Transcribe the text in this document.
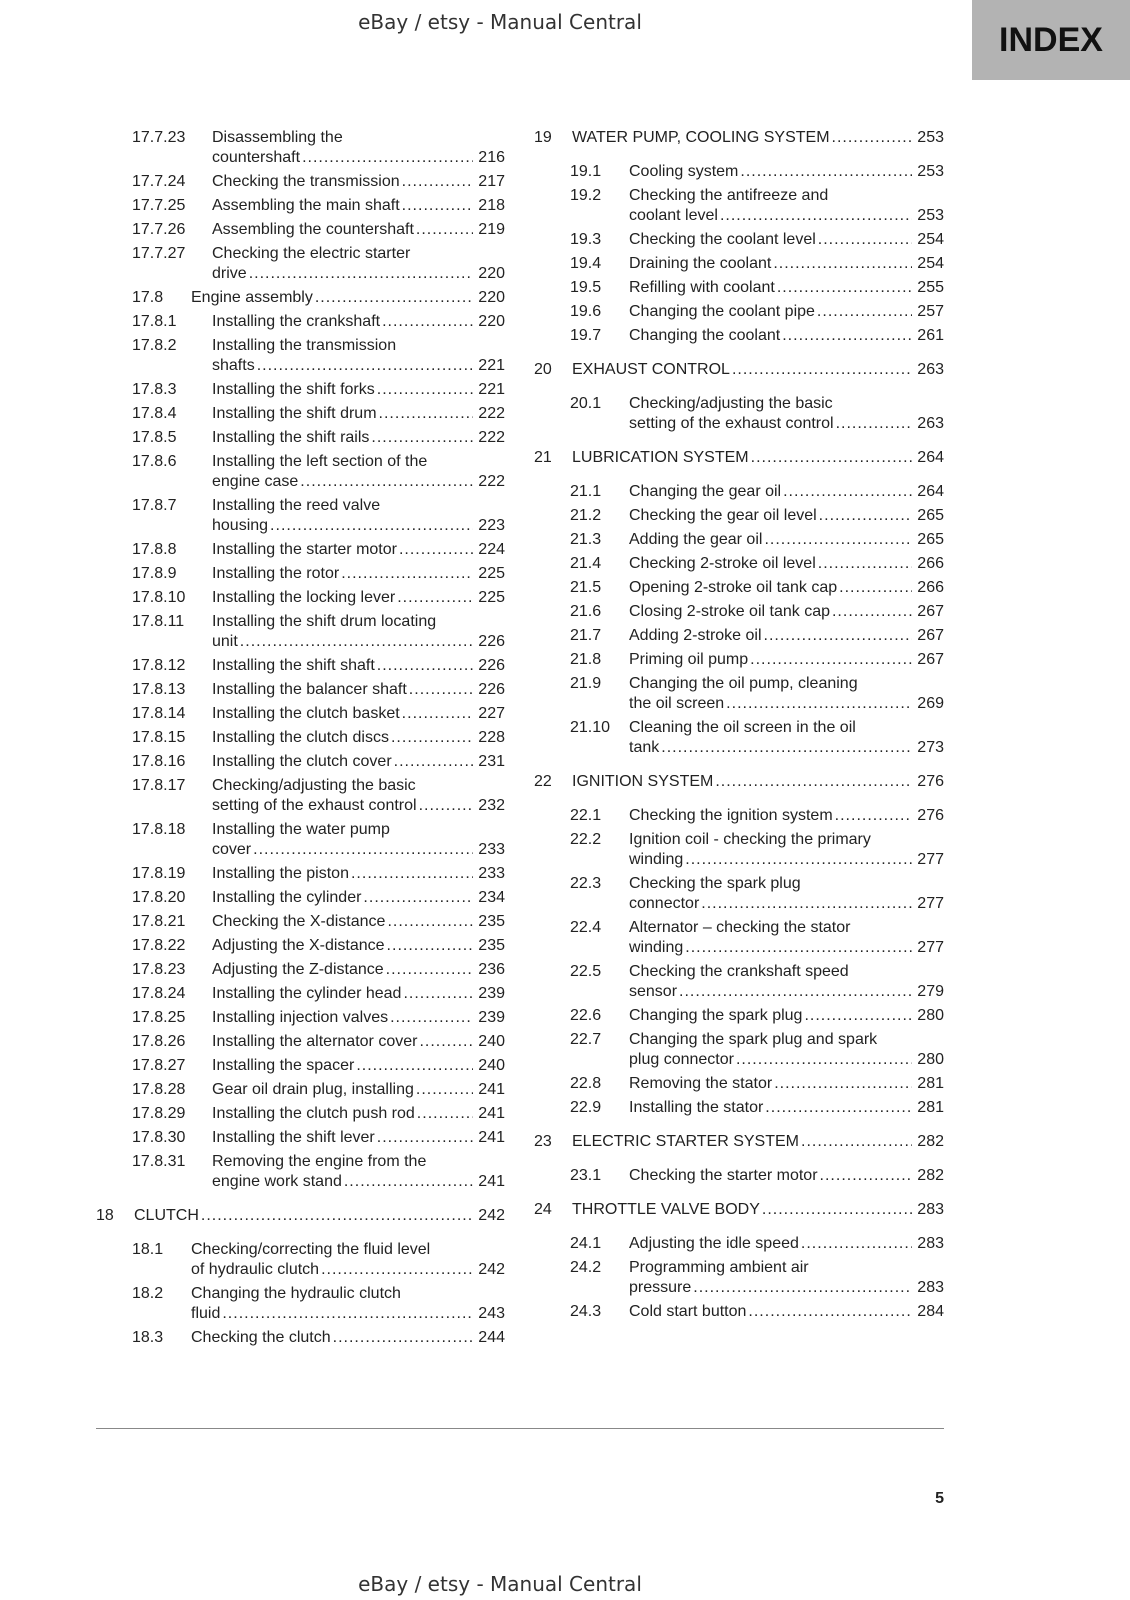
eBay / etsy - Manual Central	INDEX
17.7.23 Disassembling the
countershaft .....	216
17.7.24 Checking the transmission .....	217
17.7.25 Assembling the main shaft .....	218
17.7.26 Assembling the countershaft .....	219
17.7.27 Checking the electric starter
drive .....	220
17.8 Engine assembly .....	220
17.8.1 Installing the crankshaft .....	220
17.8.2 Installing the transmission
shafts .....	221
17.8.3 Installing the shift forks .....	221
17.8.4 Installing the shift drum .....	222
17.8.5 Installing the shift rails .....	222
17.8.6 Installing the left section of the
engine case .....	222
17.8.7 Installing the reed valve
housing .....	223
17.8.8 Installing the starter motor .....	224
17.8.9 Installing the rotor .....	225
17.8.10 Installing the locking lever .....	225
17.8.11 Installing the shift drum locating
unit .....	226
17.8.12 Installing the shift shaft .....	226
17.8.13 Installing the balancer shaft .....	226
17.8.14 Installing the clutch basket .....	227
17.8.15 Installing the clutch discs .....	228
17.8.16 Installing the clutch cover .....	231
17.8.17 Checking/adjusting the basic
setting of the exhaust control .....	232
17.8.18 Installing the water pump
cover .....	233
17.8.19 Installing the piston .....	233
17.8.20 Installing the cylinder .....	234
17.8.21 Checking the X-distance .....	235
17.8.22 Adjusting the X-distance .....	235
17.8.23 Adjusting the Z-distance .....	236
17.8.24 Installing the cylinder head .....	239
17.8.25 Installing injection valves .....	239
17.8.26 Installing the alternator cover .....	240
17.8.27 Installing the spacer .....	240
17.8.28 Gear oil drain plug, installing .....	241
17.8.29 Installing the clutch push rod .....	241
17.8.30 Installing the shift lever .....	241
17.8.31 Removing the engine from the
engine work stand .....	241
18 CLUTCH .....	242
18.1 Checking/correcting the fluid level
of hydraulic clutch .....	242
18.2 Changing the hydraulic clutch
fluid .....	243
18.3 Checking the clutch .....	244
19 WATER PUMP, COOLING SYSTEM .....	253
19.1 Cooling system .....	253
19.2 Checking the antifreeze and
coolant level .....	253
19.3 Checking the coolant level .....	254
19.4 Draining the coolant .....	254
19.5 Refilling with coolant .....	255
19.6 Changing the coolant pipe .....	257
19.7 Changing the coolant .....	261
20 EXHAUST CONTROL .....	263
20.1 Checking/adjusting the basic
setting of the exhaust control .....	263
21 LUBRICATION SYSTEM .....	264
21.1 Changing the gear oil .....	264
21.2 Checking the gear oil level .....	265
21.3 Adding the gear oil .....	265
21.4 Checking 2-stroke oil level .....	266
21.5 Opening 2-stroke oil tank cap .....	266
21.6 Closing 2-stroke oil tank cap .....	267
21.7 Adding 2-stroke oil .....	267
21.8 Priming oil pump .....	267
21.9 Changing the oil pump, cleaning
the oil screen .....	269
21.10 Cleaning the oil screen in the oil
tank .....	273
22 IGNITION SYSTEM .....	276
22.1 Checking the ignition system .....	276
22.2 Ignition coil - checking the primary
winding .....	277
22.3 Checking the spark plug
connector .....	277
22.4 Alternator – checking the stator
winding .....	277
22.5 Checking the crankshaft speed
sensor .....	279
22.6 Changing the spark plug .....	280
22.7 Changing the spark plug and spark
plug connector .....	280
22.8 Removing the stator .....	281
22.9 Installing the stator .....	281
23 ELECTRIC STARTER SYSTEM .....	282
23.1 Checking the starter motor .....	282
24 THROTTLE VALVE BODY .....	283
24.1 Adjusting the idle speed .....	283
24.2 Programming ambient air
pressure .....	283
24.3 Cold start button .....	284
5
eBay / etsy - Manual Central
